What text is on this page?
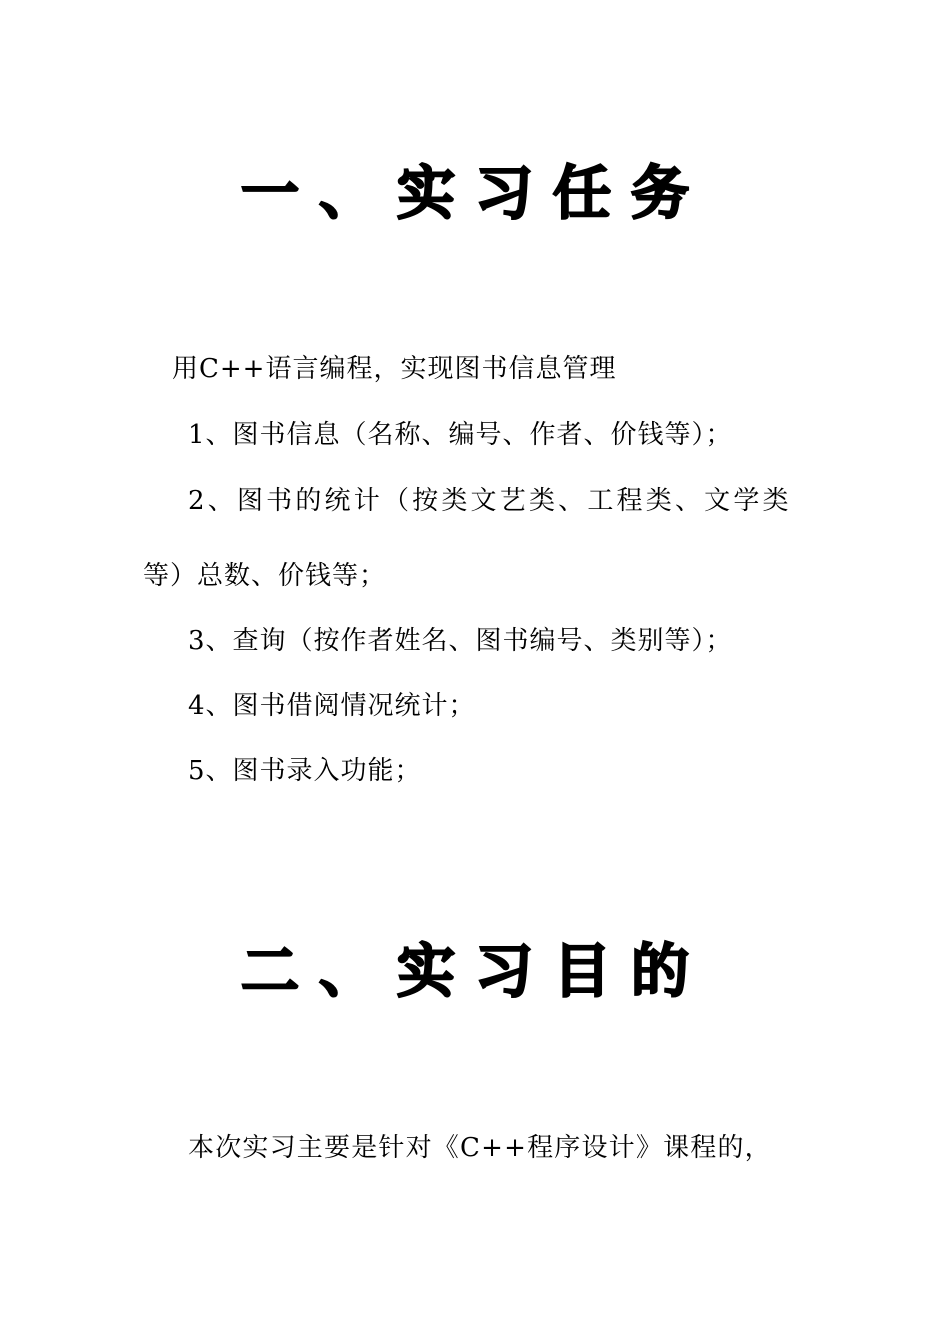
一、实习任务
用C++语言编程，实现图书信息管理
1、图书信息（名称、编号、作者、价钱等）；
2、图书的统计（按类文艺类、工程类、文学类
等）总数、价钱等；
3、查询（按作者姓名、图书编号、类别等）；
4、图书借阅情况统计；
5、图书录入功能；
二、实习目的
本次实习主要是针对《C++程序设计》课程的，
